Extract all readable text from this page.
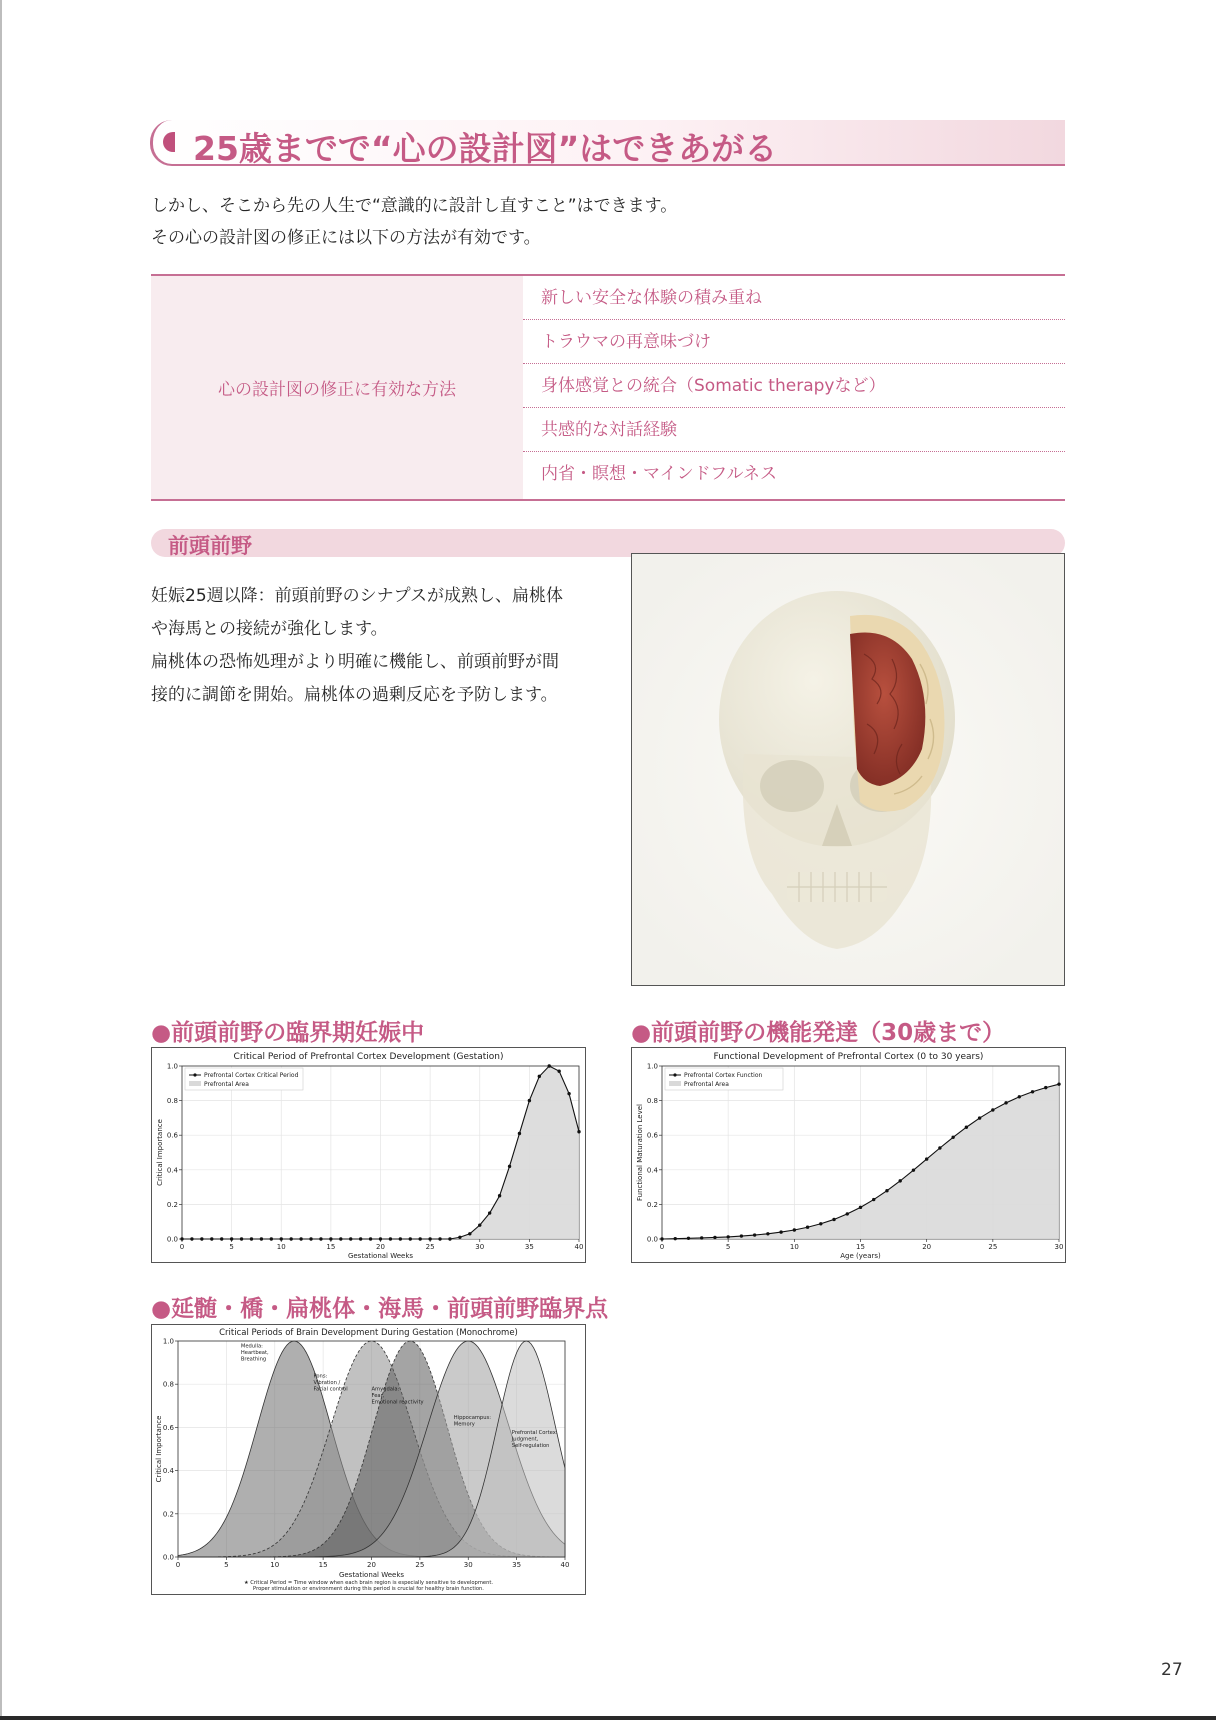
25歳までで“心の設計図”はできあがる
しかし、そこから先の人生で“意識的に設計し直すこと”はできます。
その心の設計図の修正には以下の方法が有効です。
心の設計図の修正に有効な方法
新しい安全な体験の積み重ね
トラウマの再意味づけ
身体感覚との統合（Somatic therapyなど）
共感的な対話経験
内省・瞑想・マインドフルネス
前頭前野
妊娠25週以降：前頭前野のシナプスが成熟し、扁桃体
や海馬との接続が強化します。
扁桃体の恐怖処理がより明確に機能し、前頭前野が間
接的に調節を開始。扁桃体の過剰反応を予防します。
●前頭前野の臨界期妊娠中	●前頭前野の機能発達（30歳まで）
●延髄・橋・扁桃体・海馬・前頭前野臨界点
Critical Period of Prefrontal Cortex Development (Gestation)
0	5	10	15	20	25	30	35	40
0.0
0.2
0.4
0.6
0.8
1.0
Prefrontal Cortex Critical Period
Prefrontal Area
Gestational Weeks
Critical Importance
Functional Development of Prefrontal Cortex (0 to 30 years)
0	5	10	15	20	25	30
0.0
0.2
0.4
0.6
0.8
1.0
Prefrontal Cortex Function
Prefrontal Area
Age (years)
Functional Maturation Level
Critical Periods of Brain Development During Gestation (Monochrome)
0	5	10	15	20	25	30	35	40
0.0
0.2
0.4
0.6
0.8
1.0
Medulla:
Heartbeat,
Breathing
Pons:
Vibration /
Facial control	Amygdala:
Fear,
Emotional reactivity
Hippocampus:
Memory
Prefrontal Cortex:
Judgment,
Self-regulation
Gestational Weeks
Critical Importance
★ Critical Period = Time window when each brain region is especially sensitive to development.
Proper stimulation or environment during this period is crucial for healthy brain function.
27
